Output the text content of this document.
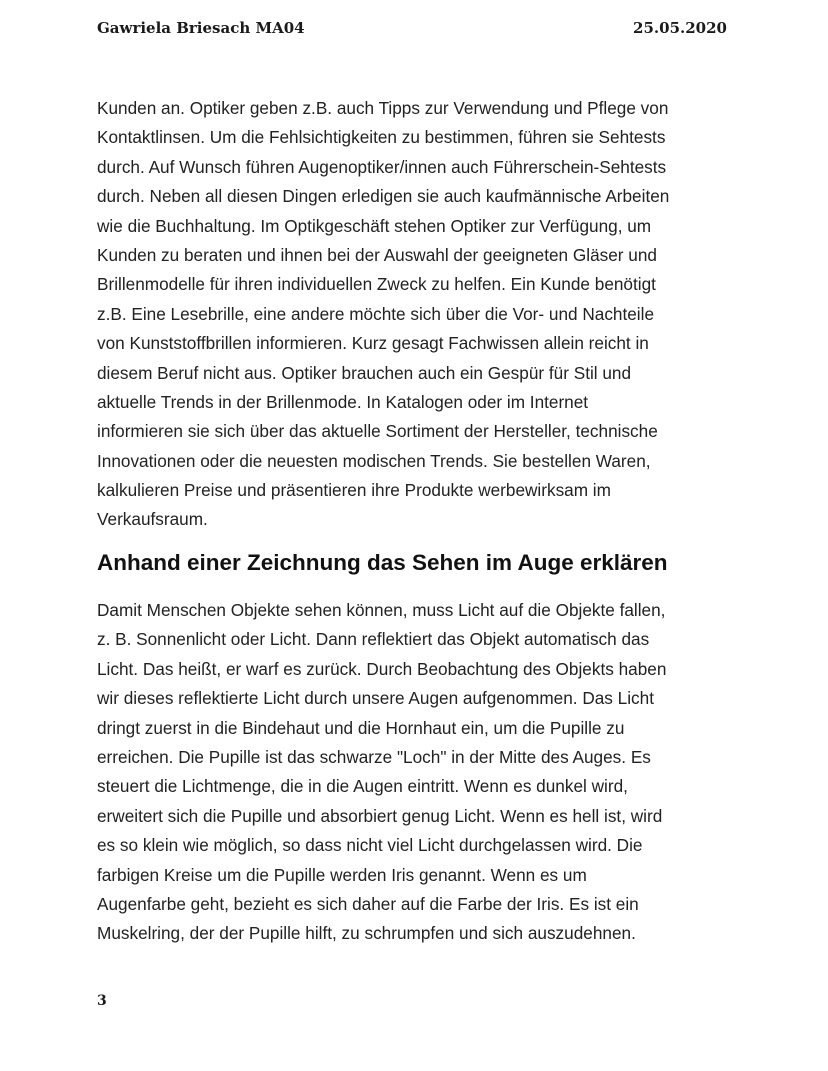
Gawriela Briesach MA04	25.05.2020

Kunden an. Optiker geben z.B. auch Tipps zur Verwendung und Pflege von
Kontaktlinsen. Um die Fehlsichtigkeiten zu bestimmen, führen sie Sehtests
durch. Auf Wunsch führen Augenoptiker/innen auch Führerschein-Sehtests
durch. Neben all diesen Dingen erledigen sie auch kaufmännische Arbeiten
wie die Buchhaltung. Im Optikgeschäft stehen Optiker zur Verfügung, um
Kunden zu beraten und ihnen bei der Auswahl der geeigneten Gläser und
Brillenmodelle für ihren individuellen Zweck zu helfen. Ein Kunde benötigt
z.B. Eine Lesebrille, eine andere möchte sich über die Vor- und Nachteile
von Kunststoffbrillen informieren. Kurz gesagt Fachwissen allein reicht in
diesem Beruf nicht aus. Optiker brauchen auch ein Gespür für Stil und
aktuelle Trends in der Brillenmode. In Katalogen oder im Internet
informieren sie sich über das aktuelle Sortiment der Hersteller, technische
Innovationen oder die neuesten modischen Trends. Sie bestellen Waren,
kalkulieren Preise und präsentieren ihre Produkte werbewirksam im
Verkaufsraum.

Anhand einer Zeichnung das Sehen im Auge erklären

Damit Menschen Objekte sehen können, muss Licht auf die Objekte fallen,
z. B. Sonnenlicht oder Licht. Dann reflektiert das Objekt automatisch das
Licht. Das heißt, er warf es zurück. Durch Beobachtung des Objekts haben
wir dieses reflektierte Licht durch unsere Augen aufgenommen. Das Licht
dringt zuerst in die Bindehaut und die Hornhaut ein, um die Pupille zu
erreichen. Die Pupille ist das schwarze "Loch" in der Mitte des Auges. Es
steuert die Lichtmenge, die in die Augen eintritt. Wenn es dunkel wird,
erweitert sich die Pupille und absorbiert genug Licht. Wenn es hell ist, wird
es so klein wie möglich, so dass nicht viel Licht durchgelassen wird. Die
farbigen Kreise um die Pupille werden Iris genannt. Wenn es um
Augenfarbe geht, bezieht es sich daher auf die Farbe der Iris. Es ist ein
Muskelring, der der Pupille hilft, zu schrumpfen und sich auszudehnen.

3
